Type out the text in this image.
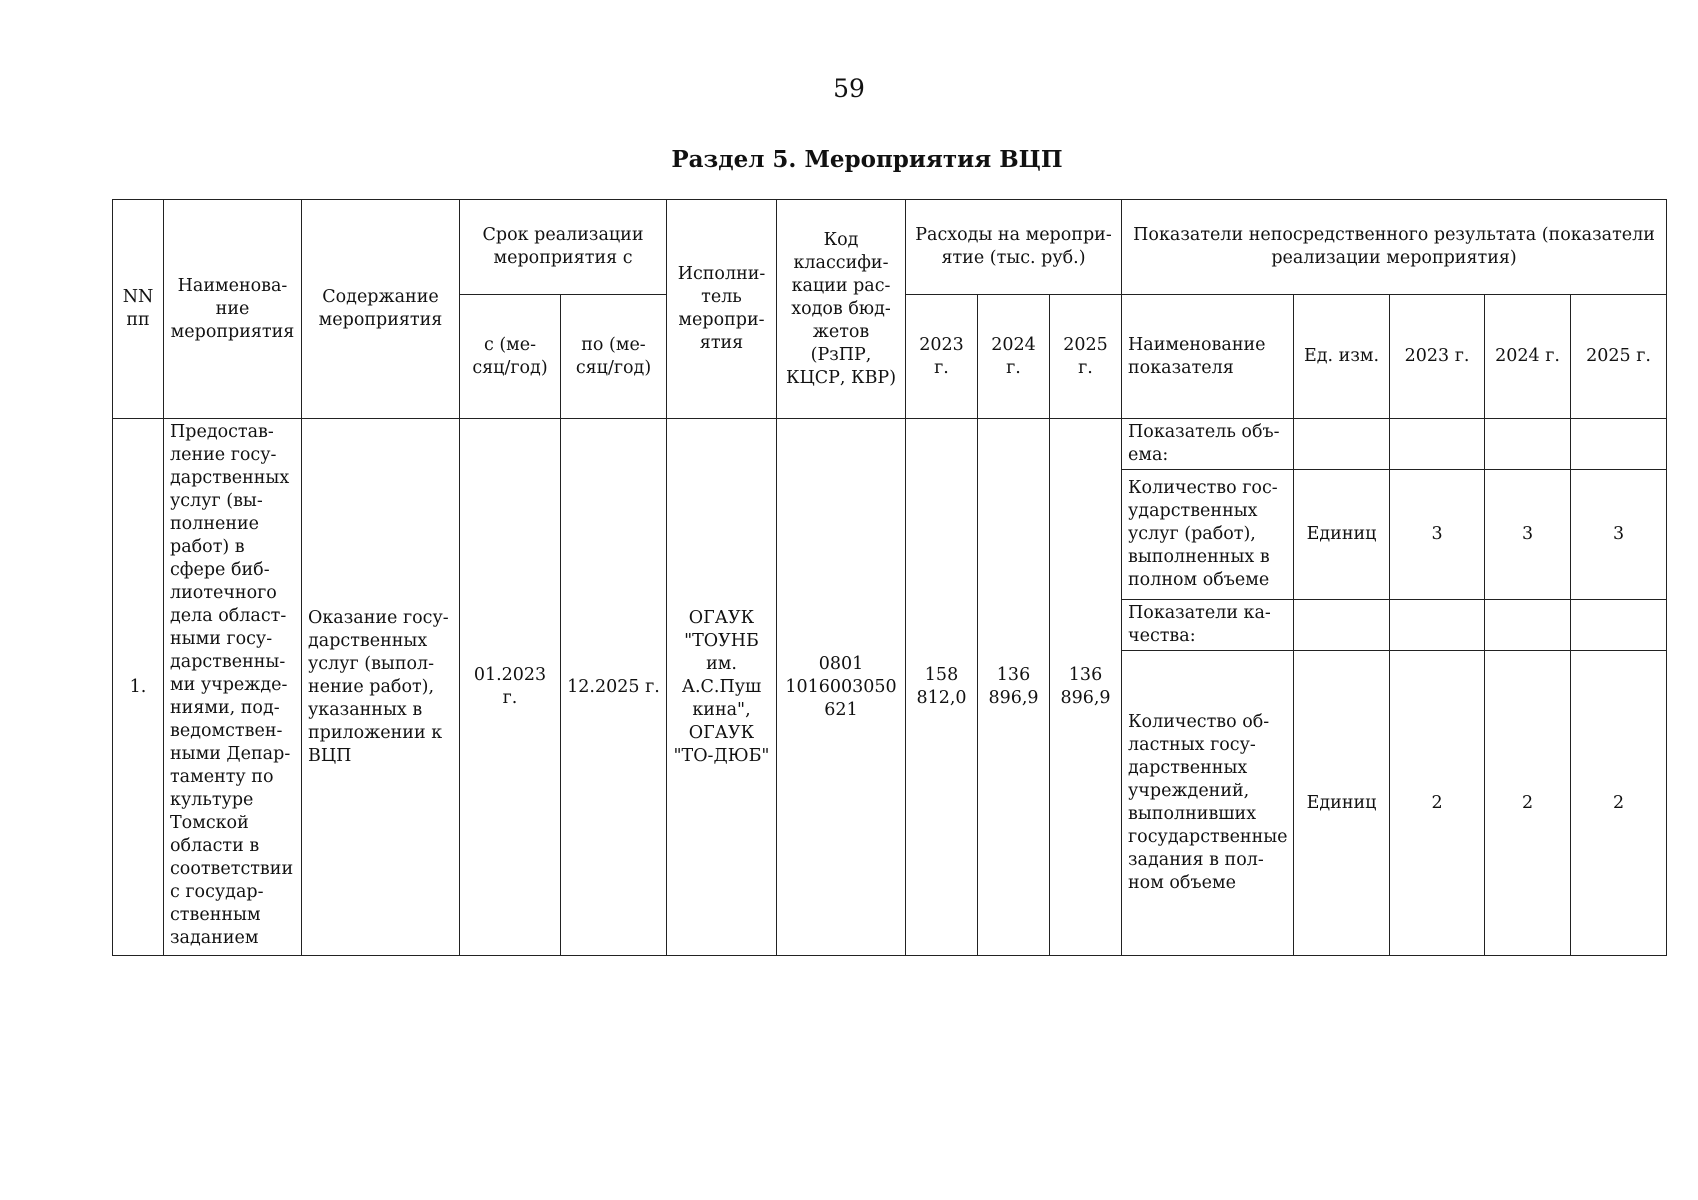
59
Раздел 5. Мероприятия ВЦП
NN пп	Наименова-ние мероприятия	Содержание мероприятия	Срок реализации мероприятия с		Исполни-тель меропри-ятия	Код классифи-кации рас-ходов бюд-жетов (РзПР, КЦСР, КВР)	Расходы на меропри-ятие (тыс. руб.)			Показатели непосредственного результата (показатели реализации мероприятия)				
			с (ме-сяц/год)	по (ме-сяц/год)			2023 г.	2024 г.	2025 г.	Наименование показателя	Ед. изм.	2023 г.	2024 г.	2025 г.
1.	Предостав-ление госу-дарственных услуг (вы-полнение работ) в сфере биб-лиотечного дела област-ными госу-дарственны-ми учрежде-ниями, под-ведомствен-ными Депар-таменту по культуре Томской области в соответствии с государ-ственным заданием	Оказание госу-дарственных услуг (выпол-нение работ), указанных в приложении к ВЦП	01.2023 г.	12.2025 г.	ОГАУК "ТОУНБ им. А.С.Пуш кина", ОГАУК "ТО-ДЮБ"	0801 1016003050 621	158 812,0	136 896,9	136 896,9	Показатель объ-ема:				
										Количество гос-ударственных услуг (работ), выполненных в полном объеме	Единиц	3	3	3
										Показатели ка-чества:				
										Количество об-ластных госу-дарственных учреждений, выполнивших государственные задания в пол-ном объеме	Единиц	2	2	2
